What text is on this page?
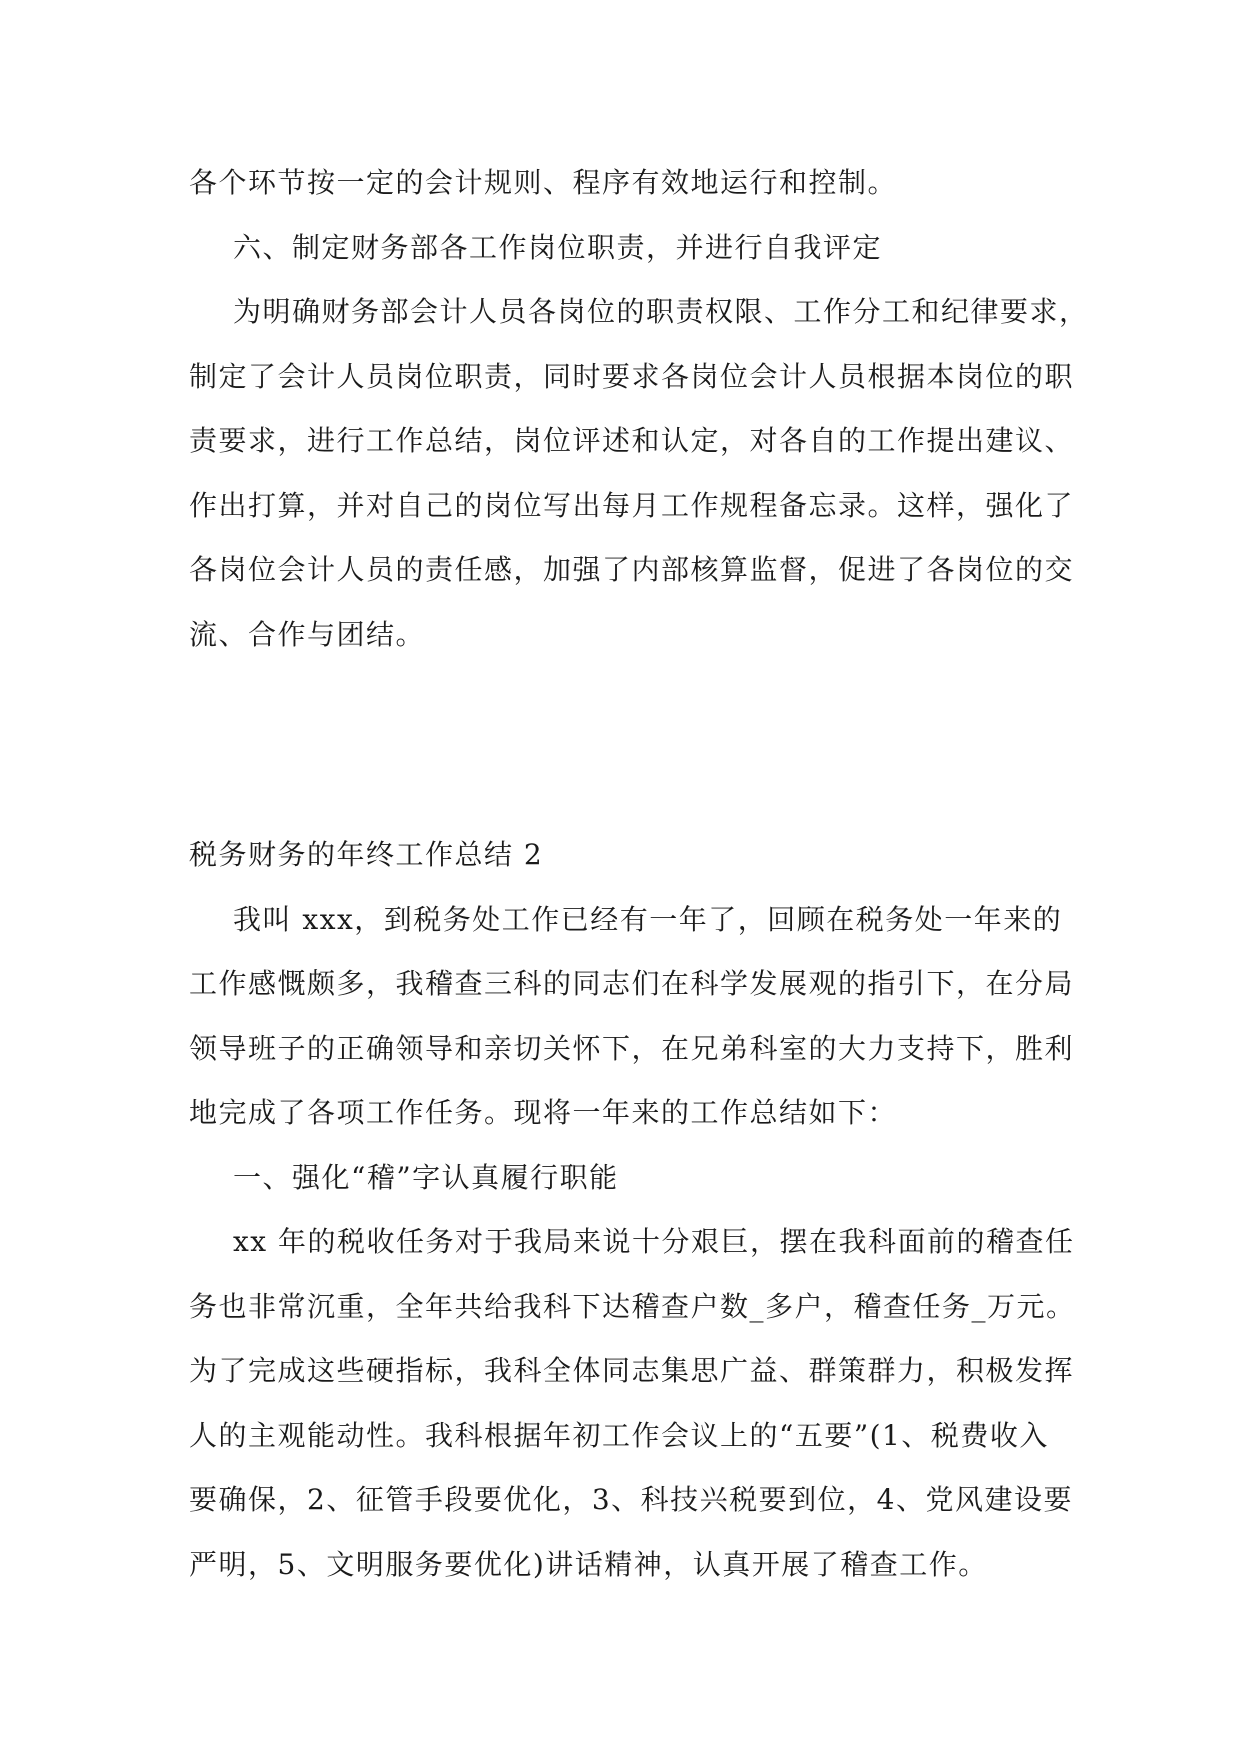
各个环节按一定的会计规则、程序有效地运行和控制。
六、制定财务部各工作岗位职责，并进行自我评定
为明确财务部会计人员各岗位的职责权限、工作分工和纪律要求，
制定了会计人员岗位职责，同时要求各岗位会计人员根据本岗位的职
责要求，进行工作总结，岗位评述和认定，对各自的工作提出建议、
作出打算，并对自己的岗位写出每月工作规程备忘录。这样，强化了
各岗位会计人员的责任感，加强了内部核算监督，促进了各岗位的交
流、合作与团结。
税务财务的年终工作总结 2
我叫 xxx，到税务处工作已经有一年了，回顾在税务处一年来的
工作感慨颇多，我稽查三科的同志们在科学发展观的指引下，在分局
领导班子的正确领导和亲切关怀下，在兄弟科室的大力支持下，胜利
地完成了各项工作任务。现将一年来的工作总结如下：
一、强化“稽”字认真履行职能
xx 年的税收任务对于我局来说十分艰巨，摆在我科面前的稽查任
务也非常沉重，全年共给我科下达稽查户数_多户，稽查任务_万元。
为了完成这些硬指标，我科全体同志集思广益、群策群力，积极发挥
人的主观能动性。我科根据年初工作会议上的“五要”(1、税费收入
要确保，2、征管手段要优化，3、科技兴税要到位，4、党风建设要
严明，5、文明服务要优化)讲话精神，认真开展了稽查工作。
